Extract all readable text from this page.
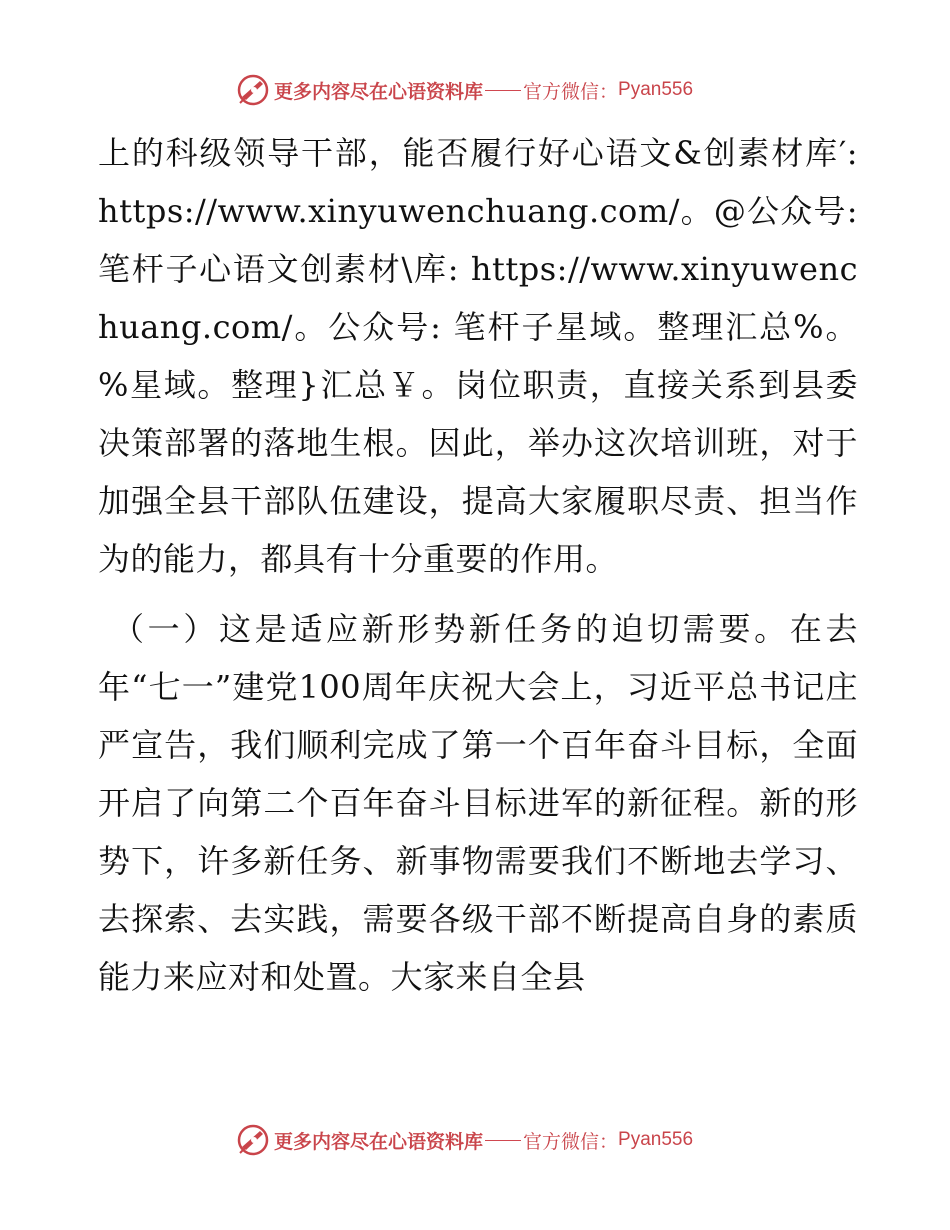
更多内容尽在心语资料库 官方微信： Pyan556

上的科级领导干部，能否履行好心语文&创素材库′: https://www.xinyuwenchuang.com/。@公众号: 笔杆子心语文创素材\库: https://www.xinyuwenchuang.com/。公众号: 笔杆子星域。整理汇总%。%星域。整理}汇总￥。岗位职责，直接关系到县委决策部署的落地生根。因此，举办这次培训班，对于加强全县干部队伍建设，提高大家履职尽责、担当作为的能力，都具有十分重要的作用。

（一）这是适应新形势新任务的迫切需要。在去年“七一”建党100周年庆祝大会上，习近平总书记庄严宣告，我们顺利完成了第一个百年奋斗目标，全面开启了向第二个百年奋斗目标进军的新征程。新的形势下，许多新任务、新事物需要我们不断地去学习、去探索、去实践，需要各级干部不断提高自身的素质能力来应对和处置。大家来自全县

更多内容尽在心语资料库 官方微信： Pyan556
